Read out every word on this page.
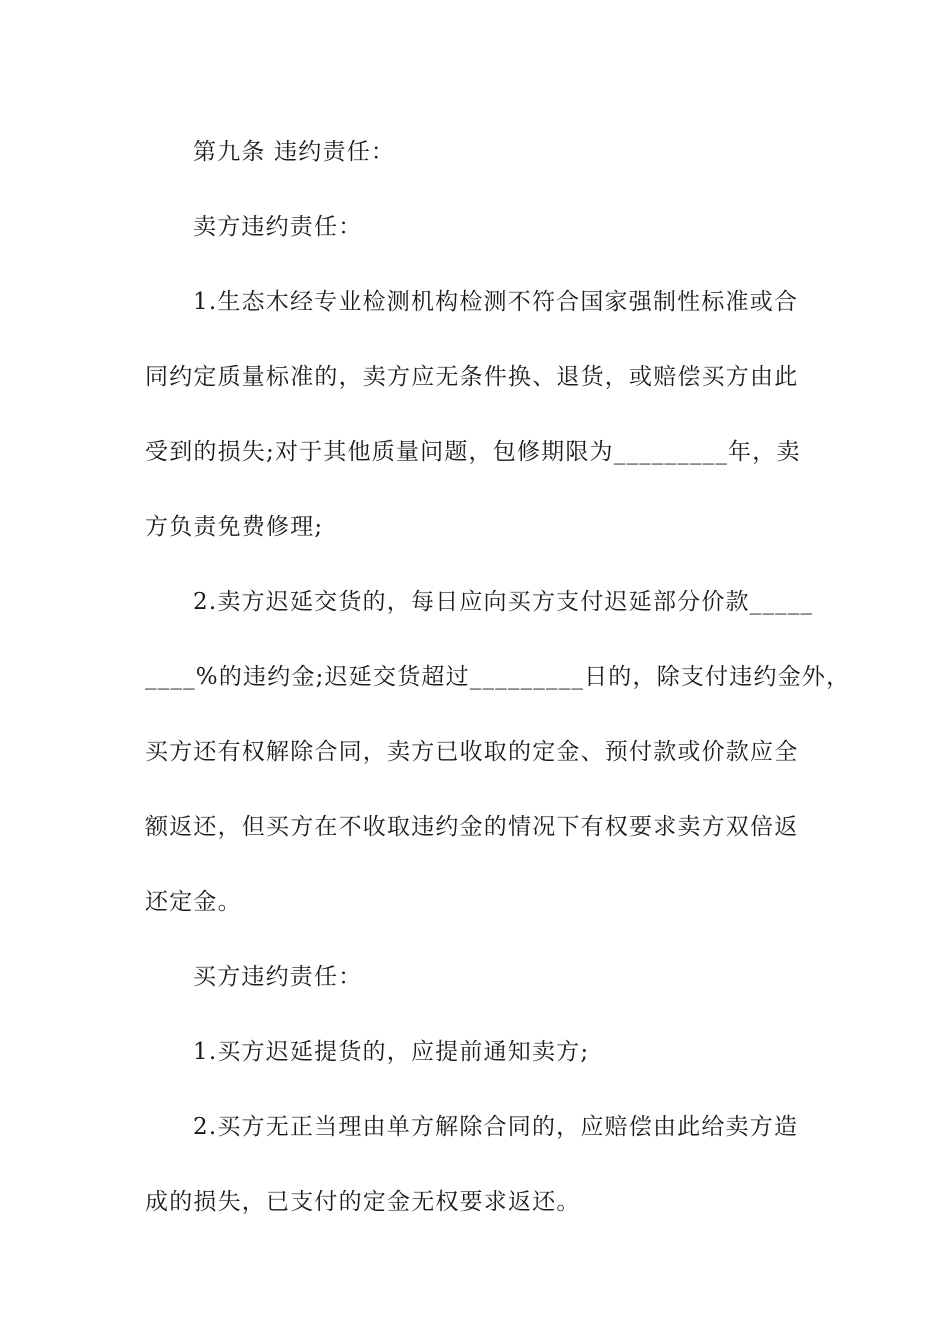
第九条 违约责任：
卖方违约责任：
1.生态木经专业检测机构检测不符合国家强制性标准或合
同约定质量标准的，卖方应无条件换、退货，或赔偿买方由此
受到的损失;对于其他质量问题，包修期限为_________年，卖
方负责免费修理;
2.卖方迟延交货的，每日应向买方支付迟延部分价款_____
____%的违约金;迟延交货超过_________日的，除支付违约金外，
买方还有权解除合同，卖方已收取的定金、预付款或价款应全
额返还，但买方在不收取违约金的情况下有权要求卖方双倍返
还定金。
买方违约责任：
1.买方迟延提货的，应提前通知卖方;
2.买方无正当理由单方解除合同的，应赔偿由此给卖方造
成的损失，已支付的定金无权要求返还。
